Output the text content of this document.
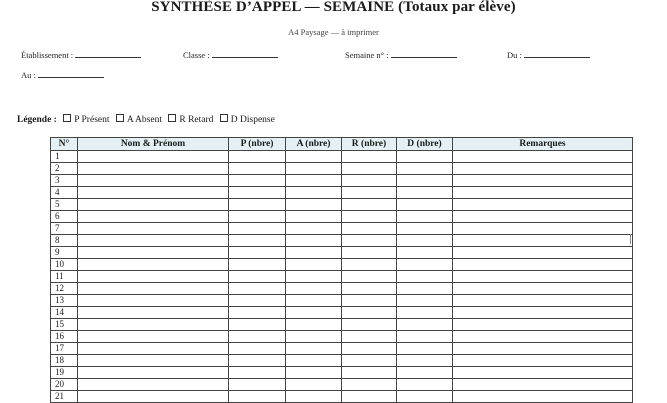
SYNTHÈSE D’APPEL — SEMAINE (Totaux par élève)
A4 Paysage — à imprimer
Établissement :	Classe :	Semaine n° :	Du :
Au :
Légende : P Présent A Absent R Retard D Dispense
N°	Nom & Prénom	P (nbre)	A (nbre)	R (nbre)	D (nbre)	Remarques
1						
2						
3						
4						
5						
6						
7						
8						
9						
10						
11						
12						
13						
14						
15						
16						
17						
18						
19						
20						
21						
